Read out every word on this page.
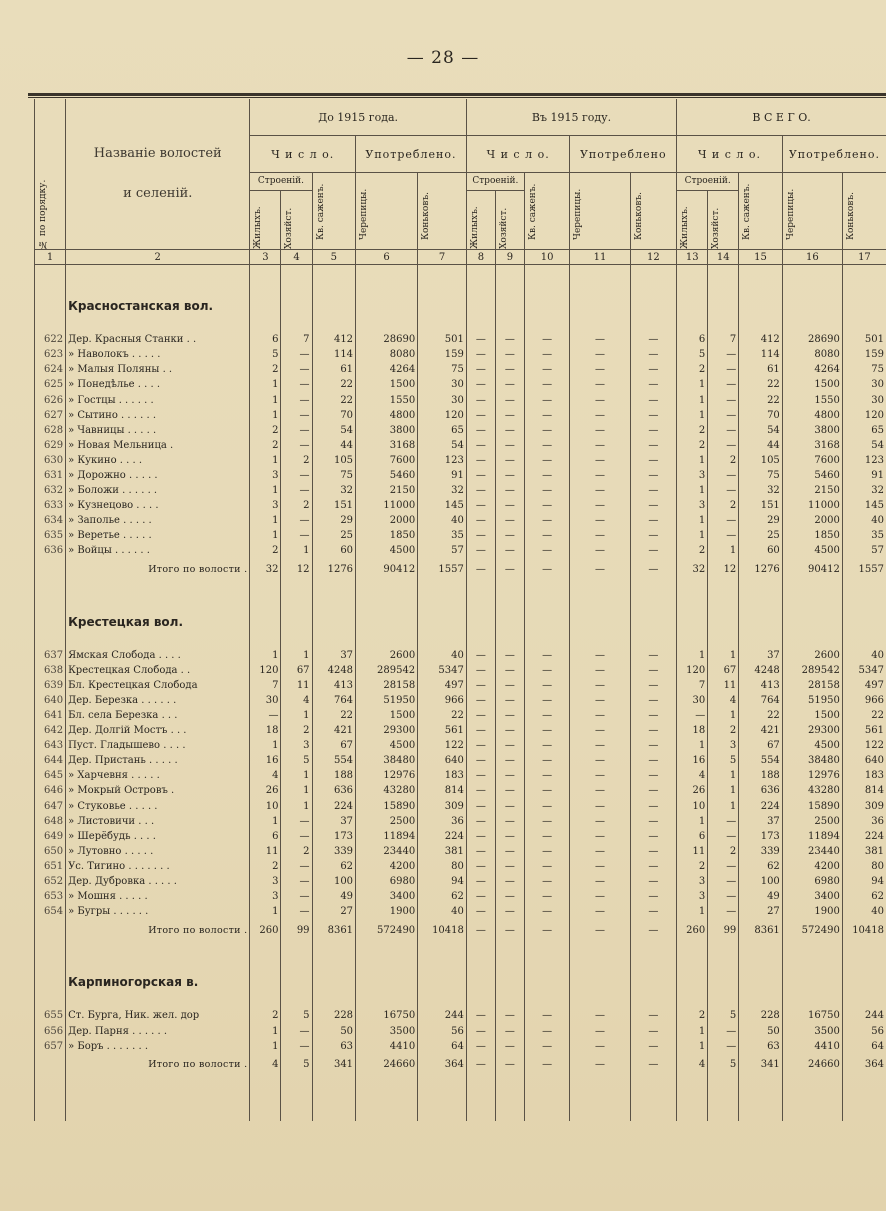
— 28 —
№ по порядку.	Названіе волостей
и селеній.	До 1915 года.					Въ 1915 году.					В С Е Г О.				
		Ч и с л о.			Употреблено.		Ч и с л о.			Употреблено		Ч и с л о.			Употреблено.	
		Строеній.		Кв. саженъ.	Черепицы.	Коньковъ.	Строеній.		Кв. саженъ.	Черепицы.	Коньковъ.	Строеній.		Кв. саженъ.	Черепицы.	Коньковъ.

		Жилыхъ.	Хозяйст.				Жилыхъ.	Хозяйст.				Жилыхъ.	Хозяйст.			

1	2	3	4	5	6	7	8	9	10	11	12	13	14	15	16	17

	Красностанская вол.															

622	Дер. Красныя Станки . .	6	7	412	28690	501	—	—	—	—	—	6	7	412	28690	501
623	» Наволокъ . . . . .	5	—	114	8080	159	—	—	—	—	—	5	—	114	8080	159
624	» Малыя Поляны . .	2	—	61	4264	75	—	—	—	—	—	2	—	61	4264	75
625	» Понедѣлье . . . .	1	—	22	1500	30	—	—	—	—	—	1	—	22	1500	30
626	» Гостцы . . . . . .	1	—	22	1550	30	—	—	—	—	—	1	—	22	1550	30
627	» Сытино . . . . . .	1	—	70	4800	120	—	—	—	—	—	1	—	70	4800	120
628	» Чавницы . . . . .	2	—	54	3800	65	—	—	—	—	—	2	—	54	3800	65
629	» Новая Мельница .	2	—	44	3168	54	—	—	—	—	—	2	—	44	3168	54
630	» Кукино . . . .	1	2	105	7600	123	—	—	—	—	—	1	2	105	7600	123
631	» Дорожно . . . . .	3	—	75	5460	91	—	—	—	—	—	3	—	75	5460	91
632	» Боложи . . . . . .	1	—	32	2150	32	—	—	—	—	—	1	—	32	2150	32
633	» Кузнецово . . . .	3	2	151	11000	145	—	—	—	—	—	3	2	151	11000	145
634	» Заполье . . . . .	1	—	29	2000	40	—	—	—	—	—	1	—	29	2000	40
635	» Веретье . . . . .	1	—	25	1850	35	—	—	—	—	—	1	—	25	1850	35
636	» Войцы . . . . . .	2	1	60	4500	57	—	—	—	—	—	2	1	60	4500	57
	Итого по волости .	32	12	1276	90412	1557	—	—	—	—	—	32	12	1276	90412	1557

	Крестецкая вол.															

637	Ямская Слобода . . . .	1	1	37	2600	40	—	—	—	—	—	1	1	37	2600	40
638	Крестецкая Слобода . .	120	67	4248	289542	5347	—	—	—	—	—	120	67	4248	289542	5347
639	Бл. Крестецкая Слобода	7	11	413	28158	497	—	—	—	—	—	7	11	413	28158	497
640	Дер. Березка . . . . . .	30	4	764	51950	966	—	—	—	—	—	30	4	764	51950	966
641	Бл. села Березка . . .	—	1	22	1500	22	—	—	—	—	—	—	1	22	1500	22
642	Дер. Долгій Мостъ . . .	18	2	421	29300	561	—	—	—	—	—	18	2	421	29300	561
643	Пуст. Гладышево . . . .	1	3	67	4500	122	—	—	—	—	—	1	3	67	4500	122
644	Дер. Пристань . . . . .	16	5	554	38480	640	—	—	—	—	—	16	5	554	38480	640
645	» Харчевня . . . . .	4	1	188	12976	183	—	—	—	—	—	4	1	188	12976	183
646	» Мокрый Островъ .	26	1	636	43280	814	—	—	—	—	—	26	1	636	43280	814
647	» Стуковье . . . . .	10	1	224	15890	309	—	—	—	—	—	10	1	224	15890	309
648	» Листовичи . . .	1	—	37	2500	36	—	—	—	—	—	1	—	37	2500	36
649	» Шерёбудь . . . .	6	—	173	11894	224	—	—	—	—	—	6	—	173	11894	224
650	» Лутовно . . . . .	11	2	339	23440	381	—	—	—	—	—	11	2	339	23440	381
651	Ус. Тигино . . . . . . .	2	—	62	4200	80	—	—	—	—	—	2	—	62	4200	80
652	Дер. Дубровка . . . . .	3	—	100	6980	94	—	—	—	—	—	3	—	100	6980	94
653	» Мошня . . . . .	3	—	49	3400	62	—	—	—	—	—	3	—	49	3400	62
654	» Бугры . . . . . .	1	—	27	1900	40	—	—	—	—	—	1	—	27	1900	40
	Итого по волости .	260	99	8361	572490	10418	—	—	—	—	—	260	99	8361	572490	10418

	Карпиногорская в.															

655	Ст. Бурга, Ник. жел. дор	2	5	228	16750	244	—	—	—	—	—	2	5	228	16750	244
656	Дер. Парня . . . . . .	1	—	50	3500	56	—	—	—	—	—	1	—	50	3500	56
657	» Боръ . . . . . . .	1	—	63	4410	64	—	—	—	—	—	1	—	63	4410	64
	Итого по волости .	4	5	341	24660	364	—	—	—	—	—	4	5	341	24660	364
